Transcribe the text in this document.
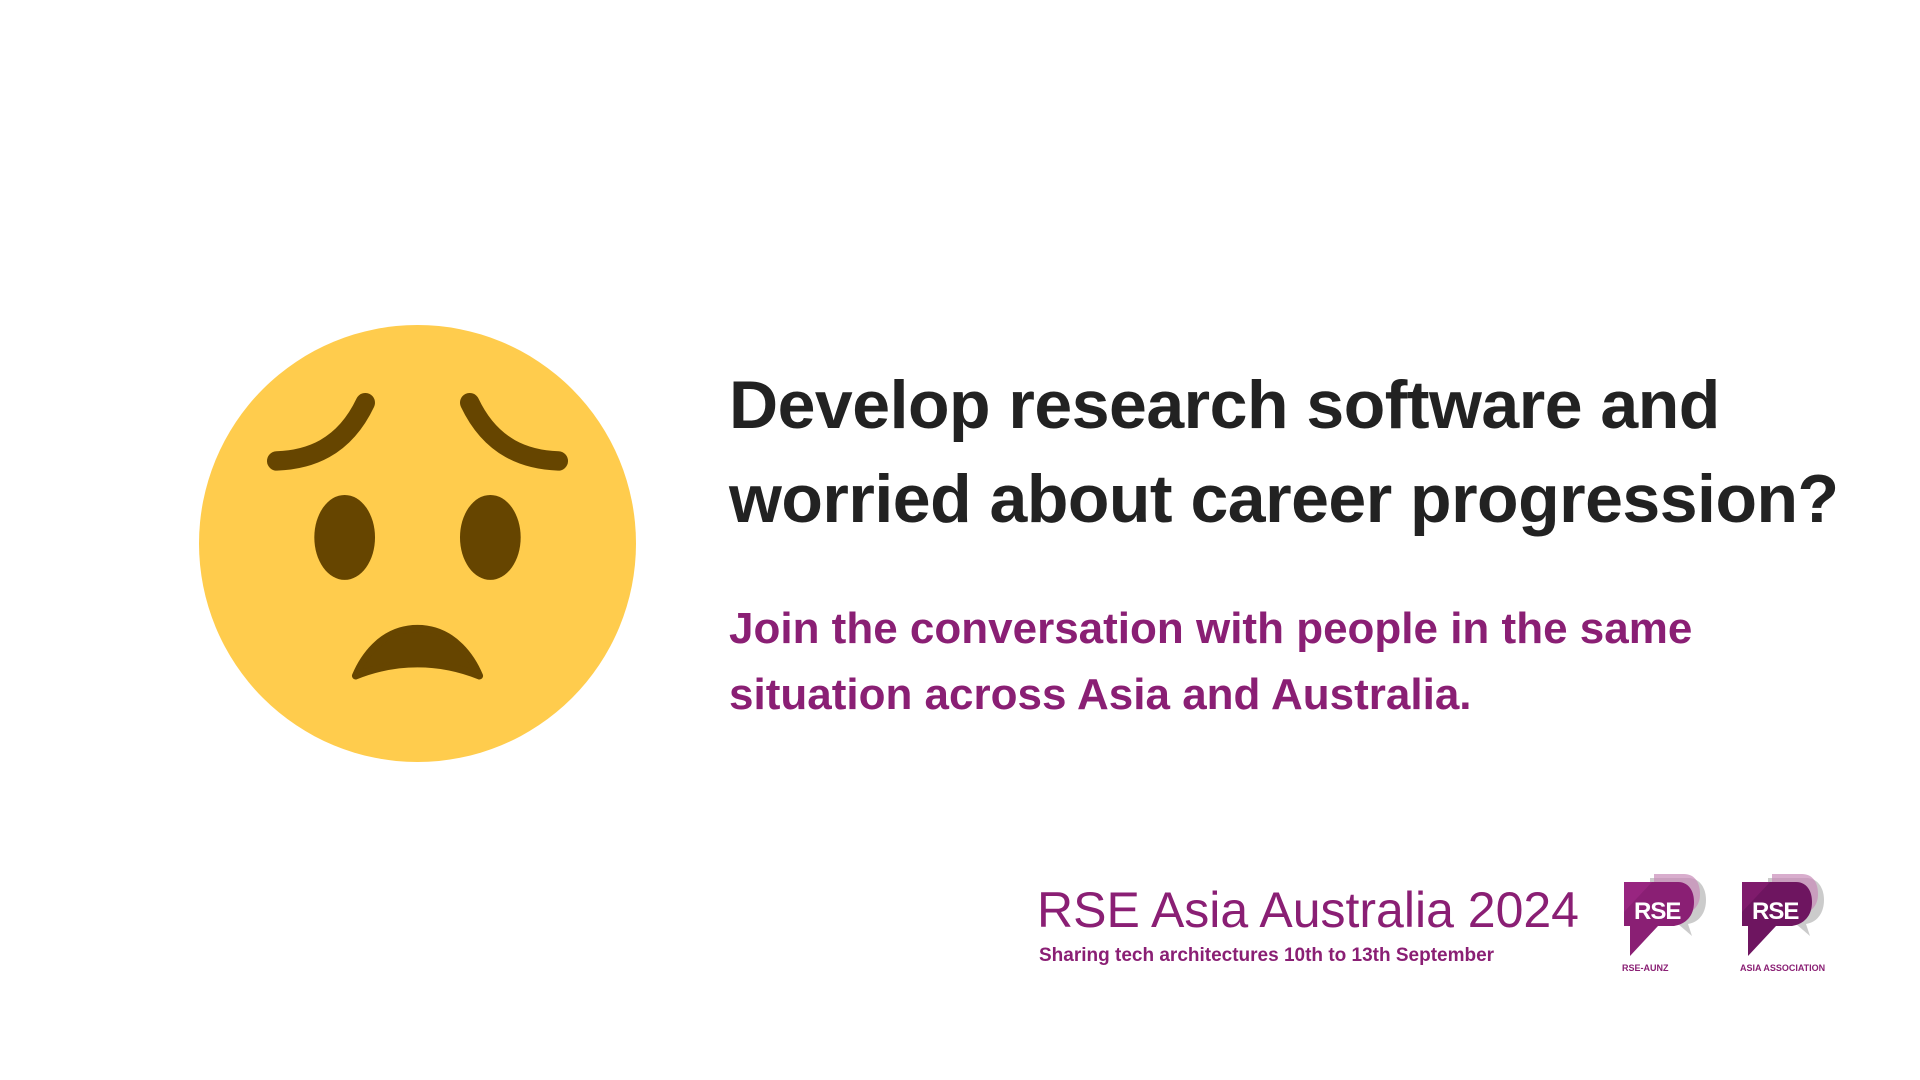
Develop research software and
worried about career progression?

Join the conversation with people in the same
situation across Asia and Australia.

RSE Asia Australia 2024
Sharing tech architectures 10th to 13th September
RSE
RSE-AUNZ
RSE
ASIA ASSOCIATION
